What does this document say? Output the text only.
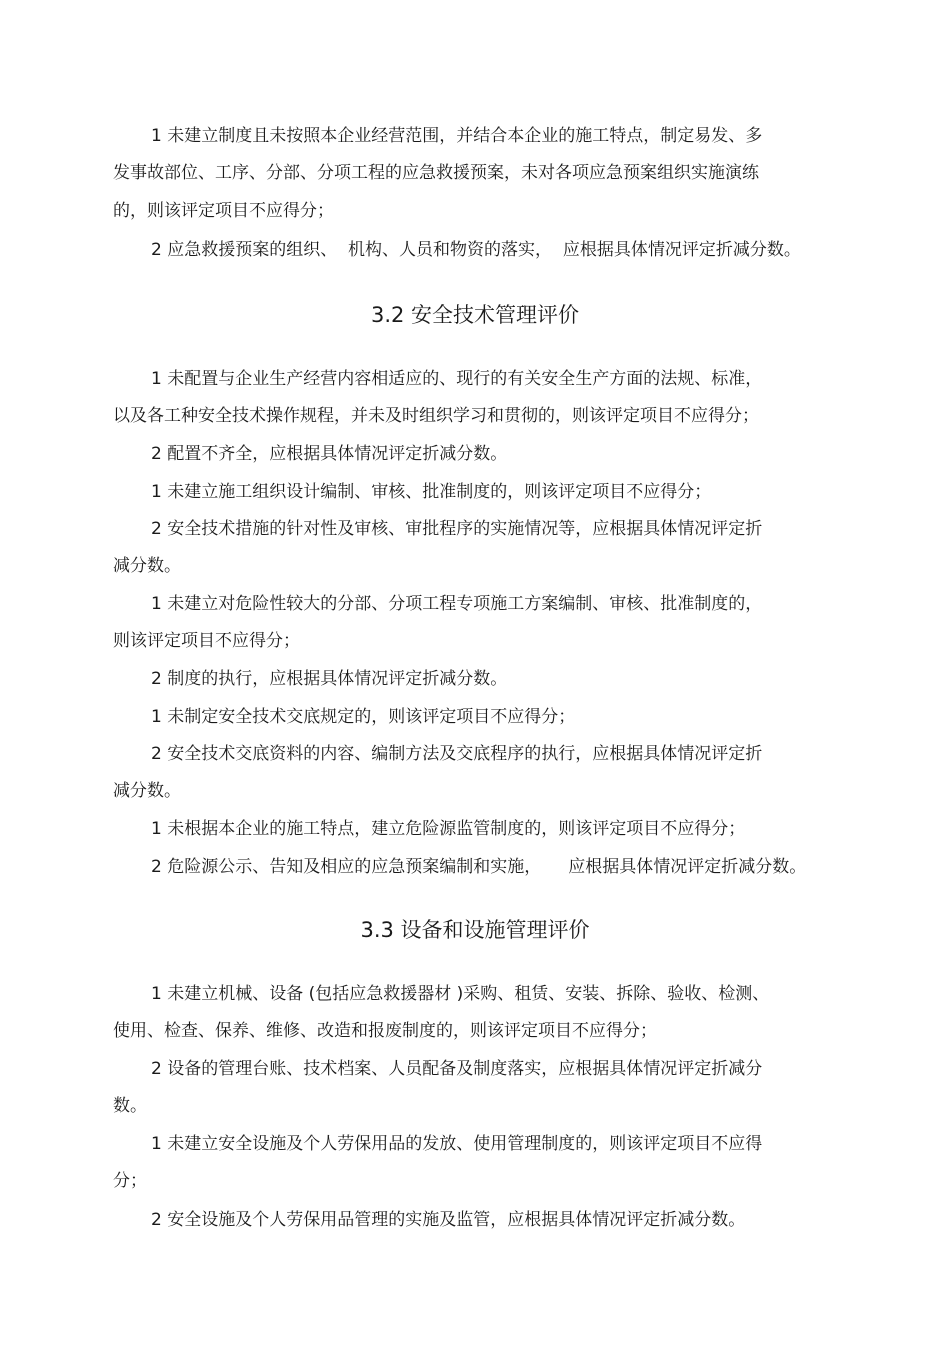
1 未建立制度且未按照本企业经营范围，并结合本企业的施工特点，制定易发、多
发事故部位、工序、分部、分项工程的应急救援预案，未对各项应急预案组织实施演练
的，则该评定项目不应得分；
2 应急救援预案的组织、  机构、人员和物资的落实，  应根据具体情况评定折减分数。
3.2 安全技术管理评价
1 未配置与企业生产经营内容相适应的、现行的有关安全生产方面的法规、标准，
以及各工种安全技术操作规程，并未及时组织学习和贯彻的，则该评定项目不应得分；
2 配置不齐全，应根据具体情况评定折减分数。
1 未建立施工组织设计编制、审核、批准制度的，则该评定项目不应得分；
2 安全技术措施的针对性及审核、审批程序的实施情况等，应根据具体情况评定折
减分数。
1 未建立对危险性较大的分部、分项工程专项施工方案编制、审核、批准制度的，
则该评定项目不应得分；
2 制度的执行，应根据具体情况评定折减分数。
1 未制定安全技术交底规定的，则该评定项目不应得分；
2 安全技术交底资料的内容、编制方法及交底程序的执行，应根据具体情况评定折
减分数。
1 未根据本企业的施工特点，建立危险源监管制度的，则该评定项目不应得分；
2 危险源公示、告知及相应的应急预案编制和实施，     应根据具体情况评定折减分数。
3.3 设备和设施管理评价
1 未建立机械、设备 (包括应急救援器材 )采购、租赁、安装、拆除、验收、检测、
使用、检查、保养、维修、改造和报废制度的，则该评定项目不应得分；
2 设备的管理台账、技术档案、人员配备及制度落实，应根据具体情况评定折减分
数。
1 未建立安全设施及个人劳保用品的发放、使用管理制度的，则该评定项目不应得
分；
2 安全设施及个人劳保用品管理的实施及监管，应根据具体情况评定折减分数。
